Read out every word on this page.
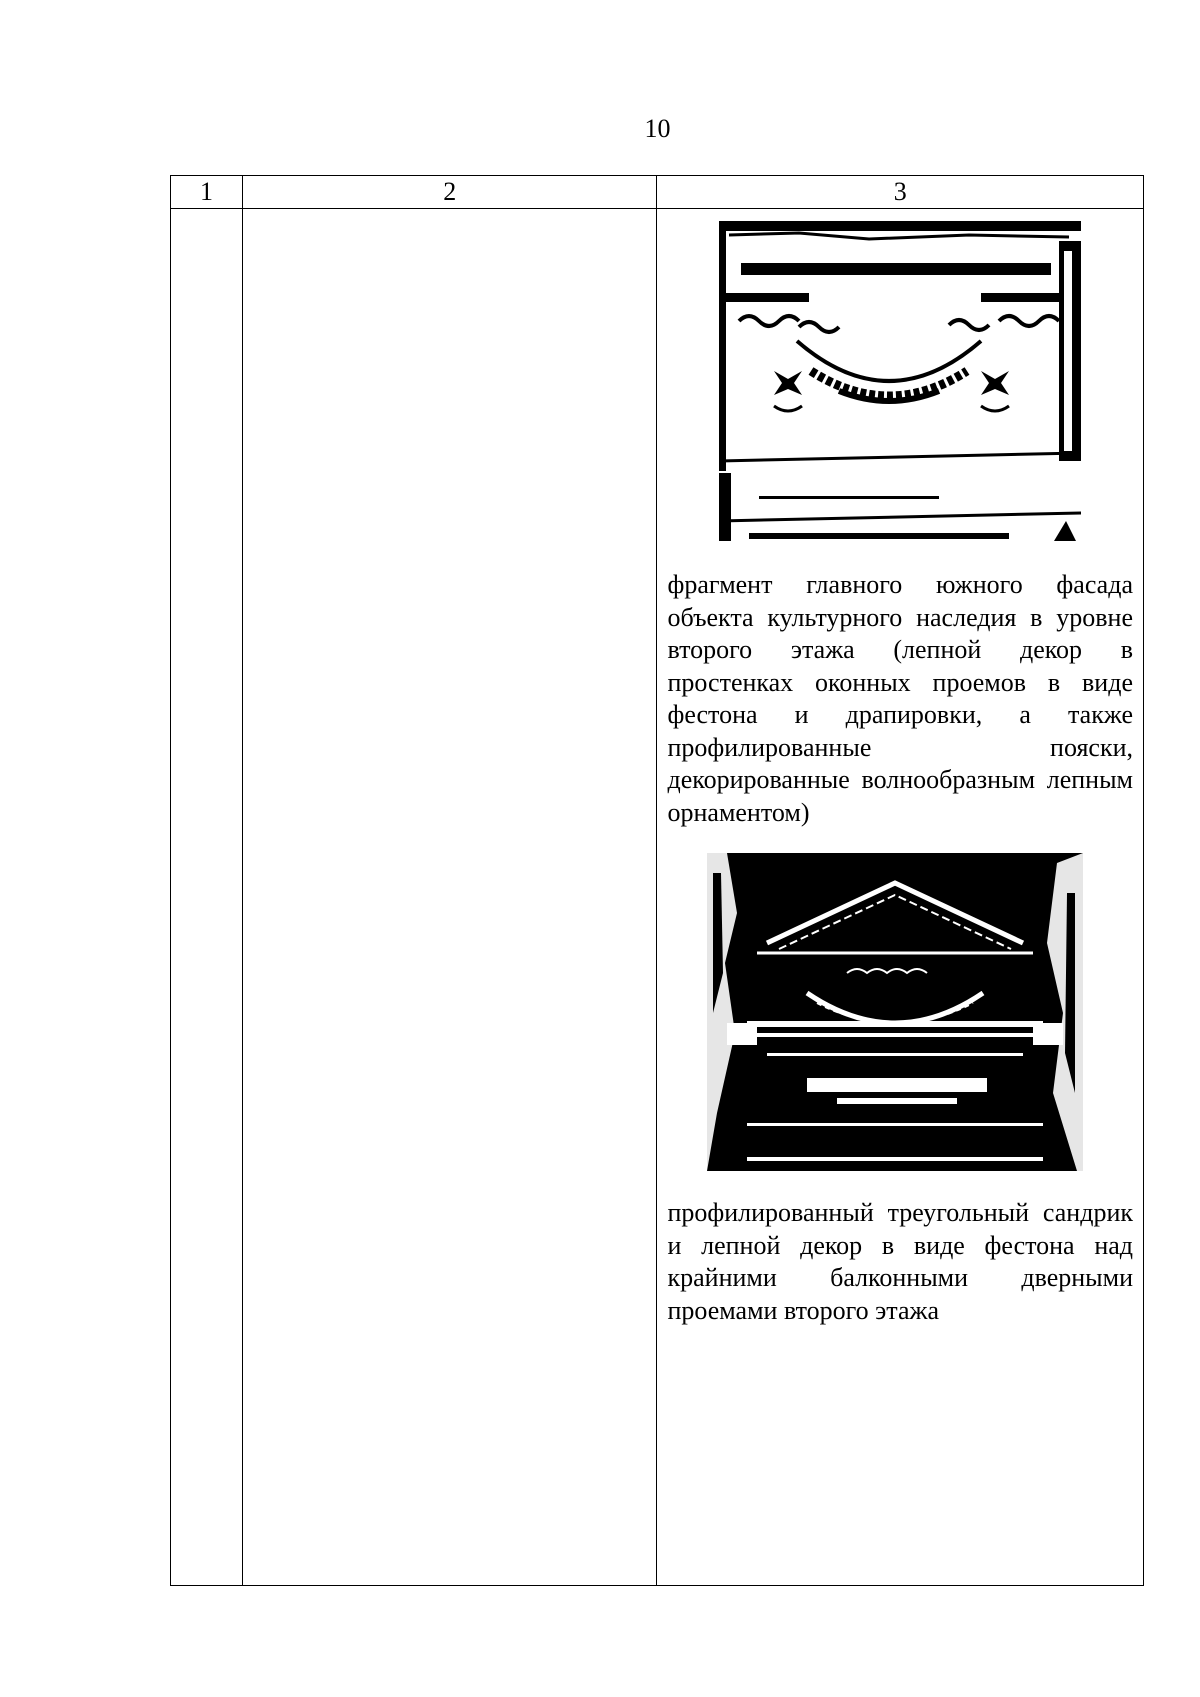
10
1	2	3

		фрагмент главного южного фасада объекта культурного наследия в уровне второго этажа (лепной декор в простенках оконных проемов в виде фестона и драпировки, а также профилированные пояски, декорированные волнообразным лепным орнаментом)
профилированный треугольный сандрик и лепной декор в виде фестона над крайними балконными дверными проемами второго этажа
